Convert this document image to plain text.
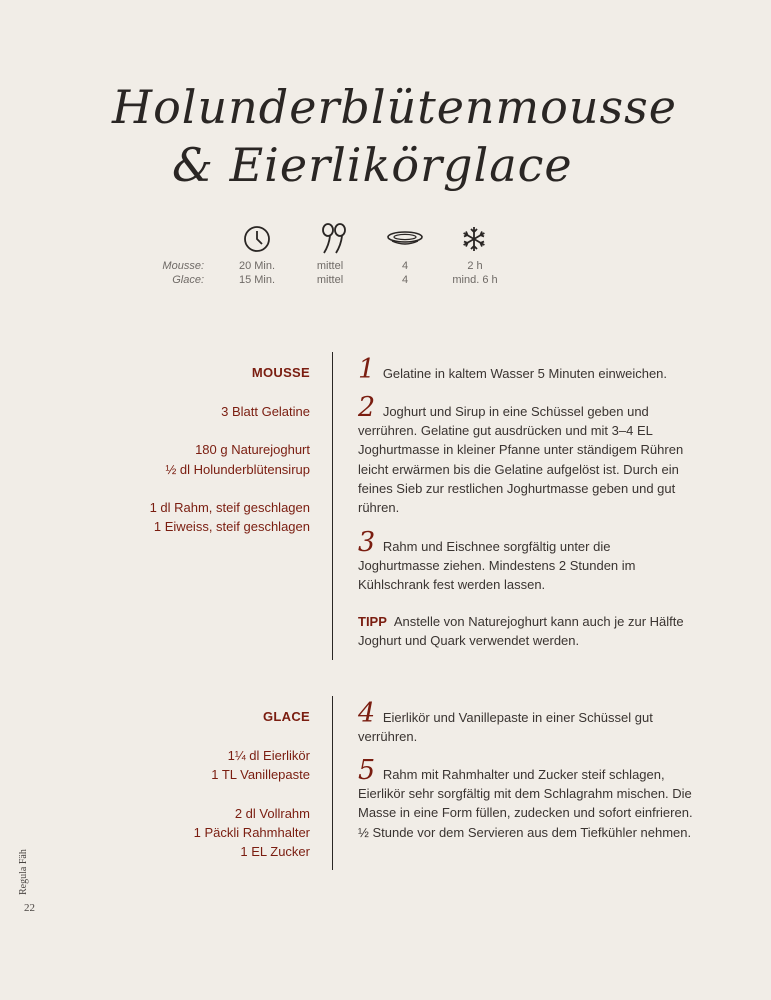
Holunderblütenmousse
& Eierlikörglace
Mousse:
Glace:
20 Min.
15 Min.
mittel
mittel
4
4
2 h
mind. 6 h
MOUSSE
3 Blatt Gelatine
180 g Naturejoghurt
½ dl Holunderblütensirup
1 dl Rahm, steif geschlagen
1 Eiweiss, steif geschlagen
1 Gelatine in kaltem Wasser 5 Minuten einweichen.
2 Joghurt und Sirup in eine Schüssel geben und verrühren. Gelatine gut ausdrücken und mit 3–4 EL Joghurtmasse in kleiner Pfanne unter ständigem Rühren leicht erwärmen bis die Gelatine aufgelöst ist. Durch ein feines Sieb zur restlichen Joghurtmasse geben und gut rühren.
3 Rahm und Eischnee sorgfältig unter die Joghurtmasse ziehen. Mindestens 2 Stunden im Kühlschrank fest werden lassen.
TIPP Anstelle von Naturejoghurt kann auch je zur Hälfte Joghurt und Quark verwendet werden.
GLACE
1¼ dl Eierlikör
1 TL Vanillepaste
2 dl Vollrahm
1 Päckli Rahmhalter
1 EL Zucker
4 Eierlikör und Vanillepaste in einer Schüssel gut verrühren.
5 Rahm mit Rahmhalter und Zucker steif schlagen, Eierlikör sehr sorgfältig mit dem Schlagrahm mischen. Die Masse in eine Form füllen, zudecken und sofort einfrieren. ½ Stunde vor dem Servieren aus dem Tiefkühler nehmen.
Regula Fäh
22
